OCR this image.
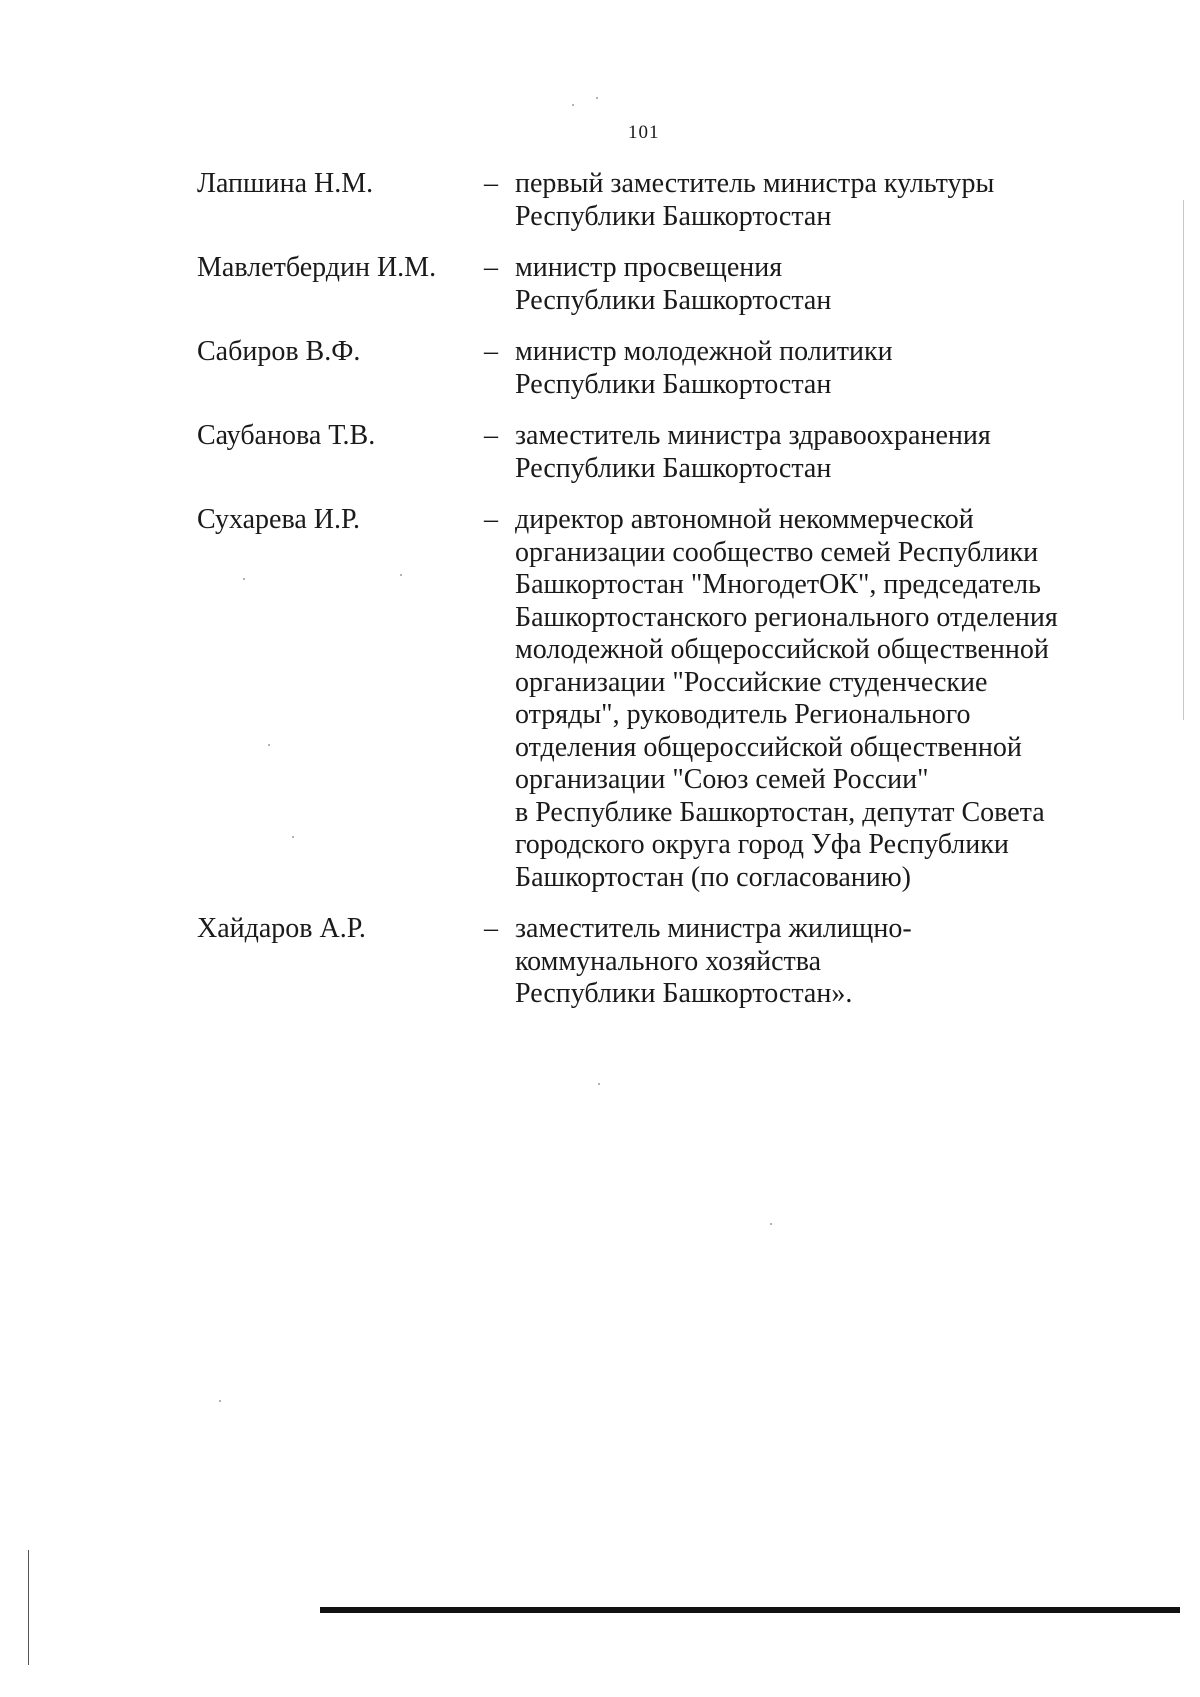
101
Лапшина Н.М.	– первый заместитель министра культуры
Республики Башкортостан
Мавлетбердин И.М.	– министр просвещения
Республики Башкортостан
Сабиров В.Ф.	– министр молодежной политики
Республики Башкортостан
Саубанова Т.В.	– заместитель министра здравоохранения
Республики Башкортостан
Сухарева И.Р.	– директор автономной некоммерческой
организации сообщество семей Республики
Башкортостан "МногодетОК", председатель
Башкортостанского регионального отделения
молодежной общероссийской общественной
организации "Российские студенческие
отряды", руководитель Регионального
отделения общероссийской общественной
организации "Союз семей России"
в Республике Башкортостан, депутат Совета
городского округа город Уфа Республики
Башкортостан (по согласованию)
Хайдаров А.Р.	– заместитель министра жилищно-
коммунального хозяйства
Республики Башкортостан».
